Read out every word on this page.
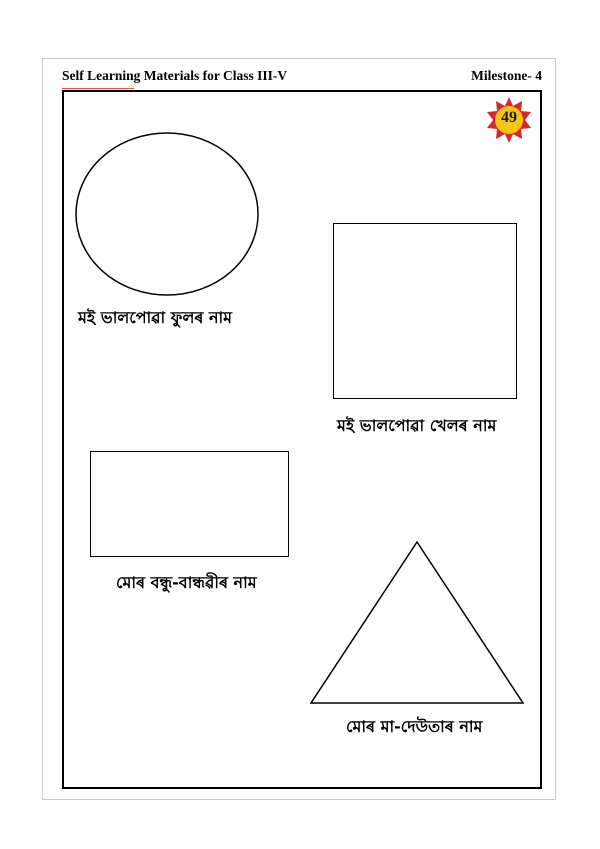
Self Learning Materials for Class III-V	Milestone- 4
49
মই ভালপোৱা ফুলৰ নাম
মই ভালপোৱা খেলৰ নাম
মোৰ বন্ধু-বান্ধৱীৰ নাম
মোৰ মা-দেউতাৰ নাম
